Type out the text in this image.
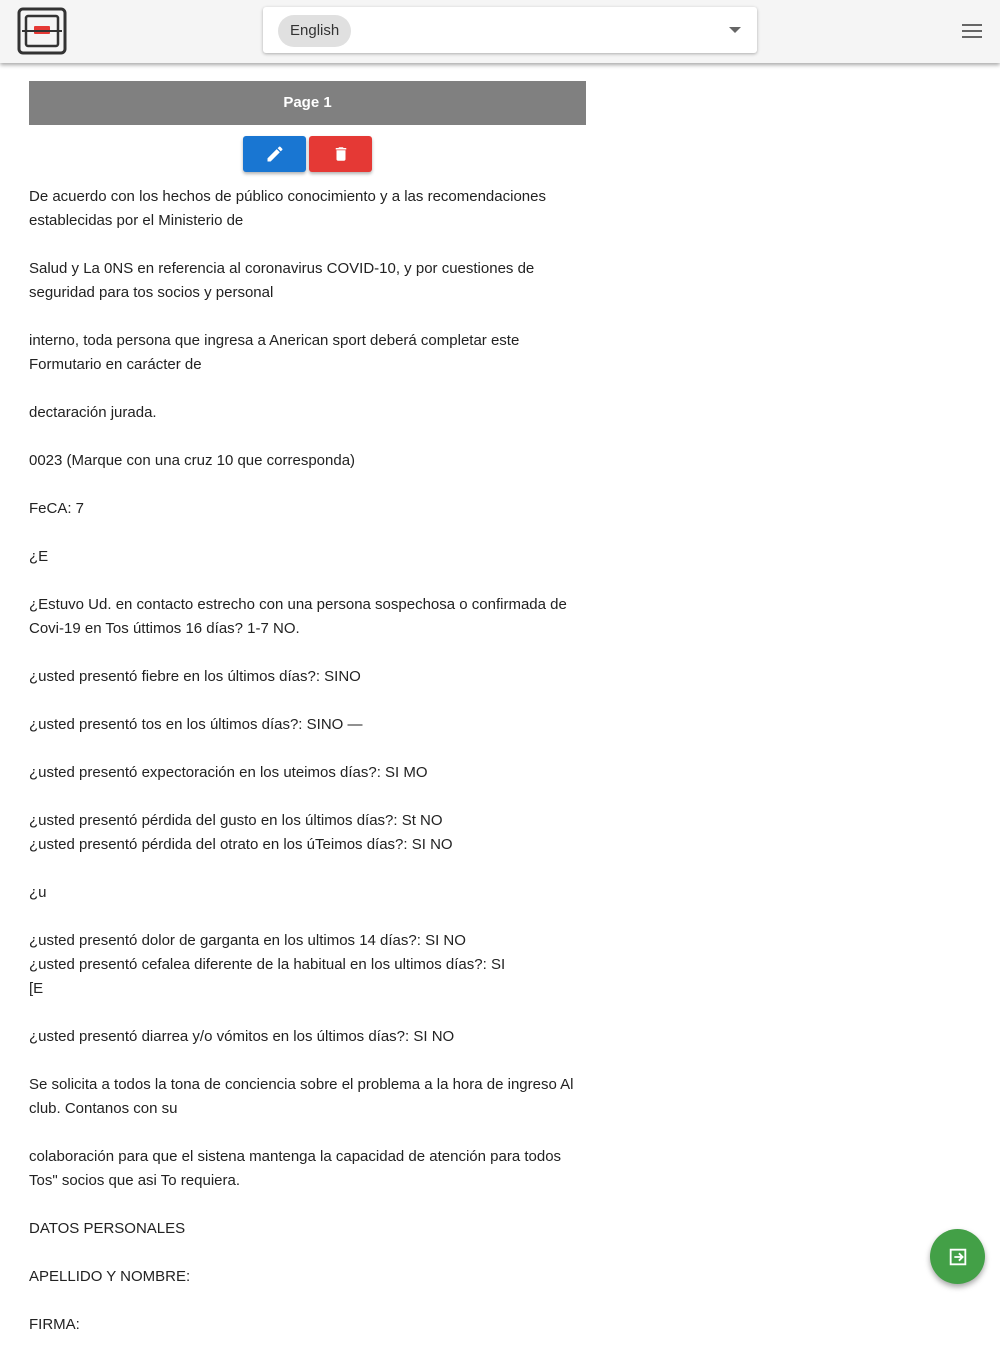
English
Page 1

De acuerdo con los hechos de público conocimiento y a las recomendaciones establecidas por el Ministerio de

Salud y La 0NS en referencia al coronavirus COVID-10, y por cuestiones de seguridad para tos socios y personal

interno, toda persona que ingresa a Anerican sport deberá completar este Formutario en carácter de

dectaración jurada.

0023 (Marque con una cruz 10 que corresponda)

FeCA: 7

¿E

¿Estuvo Ud. en contacto estrecho con una persona sospechosa o confirmada de Covi-19 en Tos úttimos 16 días? 1-7 NO.

¿usted presentó fiebre en los últimos días?: SINO

¿usted presentó tos en los últimos días?: SINO —

¿usted presentó expectoración en los uteimos días?: SI MO

¿usted presentó pérdida del gusto en los últimos días?: St NO
¿usted presentó pérdida del otrato en los úTeimos días?: SI NO

¿u

¿usted presentó dolor de garganta en los ultimos 14 días?: SI NO
¿usted presentó cefalea diferente de la habitual en los ultimos días?: SI
[E

¿usted presentó diarrea y/o vómitos en los últimos días?: SI NO

Se solicita a todos la tona de conciencia sobre el problema a la hora de ingreso Al club. Contanos con su

colaboración para que el sistena mantenga la capacidad de atención para todos Tos" socios que asi To requiera.

DATOS PERSONALES

APELLIDO Y NOMBRE:

FIRMA:
